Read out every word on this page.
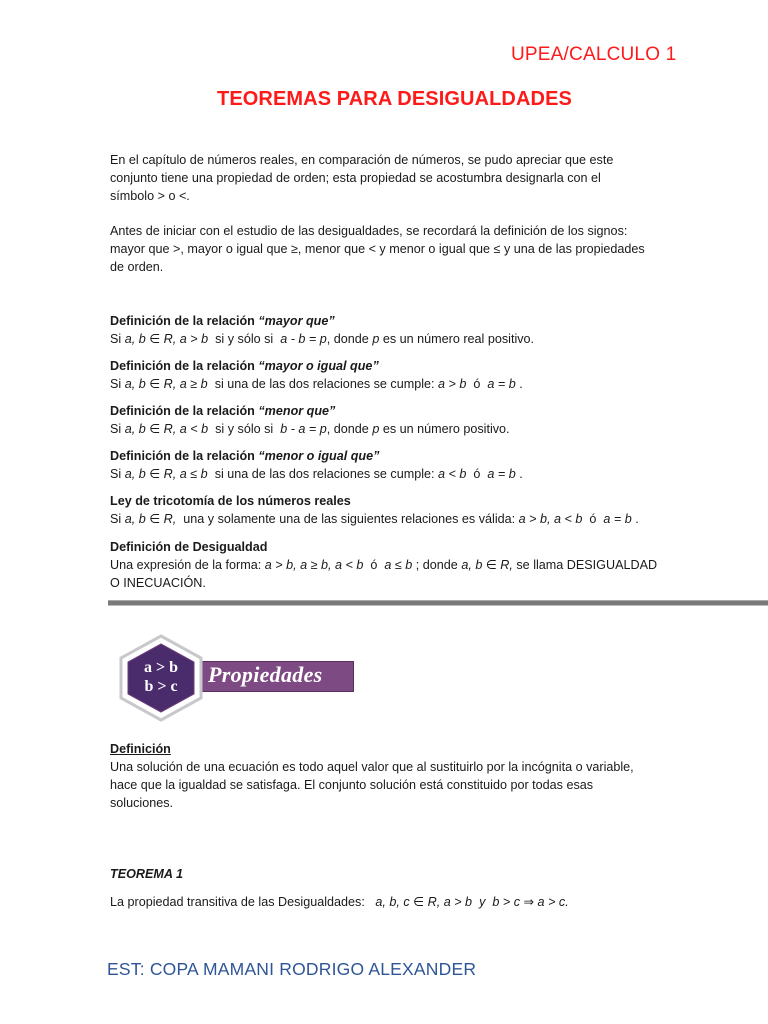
UPEA/CALCULO 1
TEOREMAS PARA DESIGUALDADES
En el capítulo de números reales, en comparación de números, se pudo apreciar que este
conjunto tiene una propiedad de orden; esta propiedad se acostumbra designarla con el
símbolo > o <.
Antes de iniciar con el estudio de las desigualdades, se recordará la definición de los signos:
mayor que >, mayor o igual que ≥, menor que < y menor o igual que ≤ y una de las propiedades
de orden.
Definición de la relación “mayor que”
Si a, b ∈ R, a > b  si y sólo si  a - b = p, donde p es un número real positivo.
Definición de la relación “mayor o igual que”
Si a, b ∈ R, a ≥ b  si una de las dos relaciones se cumple: a > b  ó  a = b .
Definición de la relación “menor que”
Si a, b ∈ R, a < b  si y sólo si  b - a = p, donde p es un número positivo.
Definición de la relación “menor o igual que”
Si a, b ∈ R, a ≤ b  si una de las dos relaciones se cumple: a < b  ó  a = b .
Ley de tricotomía de los números reales
Si a, b ∈ R,  una y solamente una de las siguientes relaciones es válida: a > b, a < b  ó  a = b .
Definición de Desigualdad
Una expresión de la forma: a > b, a ≥ b, a < b  ó  a ≤ b ; donde a, b ∈ R, se llama DESIGUALDAD
O INECUACIÓN.
a > b
b > c	Propiedades
Definición
Una solución de una ecuación es todo aquel valor que al sustituirlo por la incógnita o variable,
hace que la igualdad se satisfaga. El conjunto solución está constituido por todas esas
soluciones.
TEOREMA 1
La propiedad transitiva de las Desigualdades:   a, b, c ∈ R, a > b  y  b > c ⇒ a > c.
EST: COPA MAMANI RODRIGO ALEXANDER
